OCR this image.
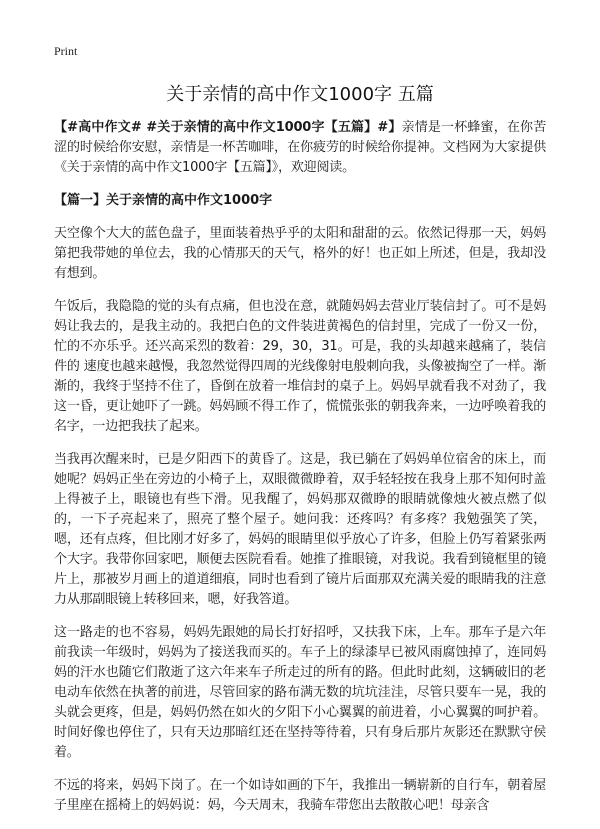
Print
关于亲情的高中作文1000字 五篇

【#高中作文# #关于亲情的高中作文1000字【五篇】#】亲情是一杯蜂蜜，在你苦涩的时候给你安慰，亲情是一杯苦咖啡，在你疲劳的时候给你提神。文档网为大家提供《关于亲情的高中作文1000字【五篇】》，欢迎阅读。

【篇一】关于亲情的高中作文1000字

天空像个大大的蓝色盘子，里面装着热乎乎的太阳和甜甜的云。依然记得那一天，妈妈第把我带她的单位去，我的心情那天的天气，格外的好！也正如上所述，但是，我却没有想到。

午饭后，我隐隐的觉的头有点痛，但也没在意，就随妈妈去营业厅装信封了。可不是妈妈让我去的，是我主动的。我把白色的文件装进黄褐色的信封里，完成了一份又一份，忙的不亦乐乎。还兴高采烈的数着：29，30，31。可是，我的头却越来越痛了，装信件的 速度也越来越慢，我忽然觉得四周的光线像射电般刺向我，头像被掏空了一样。渐渐的，我终于坚持不住了，昏倒在放着一堆信封的桌子上。妈妈早就看我不对劲了，我这一昏，更让她吓了一跳。妈妈顾不得工作了，慌慌张张的朝我奔来，一边呼唤着我的名字，一边把我扶了起来。

当我再次醒来时，已是夕阳西下的黄昏了。这是，我已躺在了妈妈单位宿舍的床上，而她呢？妈妈正坐在旁边的小椅子上，双眼微微睁着，双手轻轻按在我身上那不知何时盖上得被子上，眼镜也有些下滑。见我醒了，妈妈那双微睁的眼睛就像烛火被点燃了似的，一下子亮起来了，照亮了整个屋子。她问我：还疼吗？有多疼？我勉强笑了笑，嗯，还有点疼，但比刚才好多了，妈妈的眼睛里似乎放心了许多，但脸上仍写着紧张两个大字。我带你回家吧，顺便去医院看看。她推了推眼镜，对我说。我看到镜框里的镜片上，那被岁月画上的道道细痕，同时也看到了镜片后面那双充满关爱的眼睛我的注意力从那副眼镜上转移回来，嗯，好我答道。

这一路走的也不容易，妈妈先跟她的局长打好招呼，又扶我下床，上车。那车子是六年前我读一年级时，妈妈为了接送我而买的。车子上的绿漆早已被风雨腐蚀掉了，连同妈妈的汗水也随它们散逝了这六年来车子所走过的所有的路。但此时此刻，这辆破旧的老电动车依然在执著的前进，尽管回家的路布满无数的坑坑洼洼，尽管只要车一晃，我的头就会更疼，但是，妈妈仍然在如火的夕阳下小心翼翼的前进着，小心翼翼的呵护着。时间好像也停住了，只有天边那暗红还在坚持等待着，只有身后那片灰影还在默默守侯着。

不远的将来，妈妈下岗了。在一个如诗如画的下午，我推出一辆崭新的自行车，朝着屋子里座在摇椅上的妈妈说：妈，今天周末，我骑车带您出去散散心吧！母亲含
